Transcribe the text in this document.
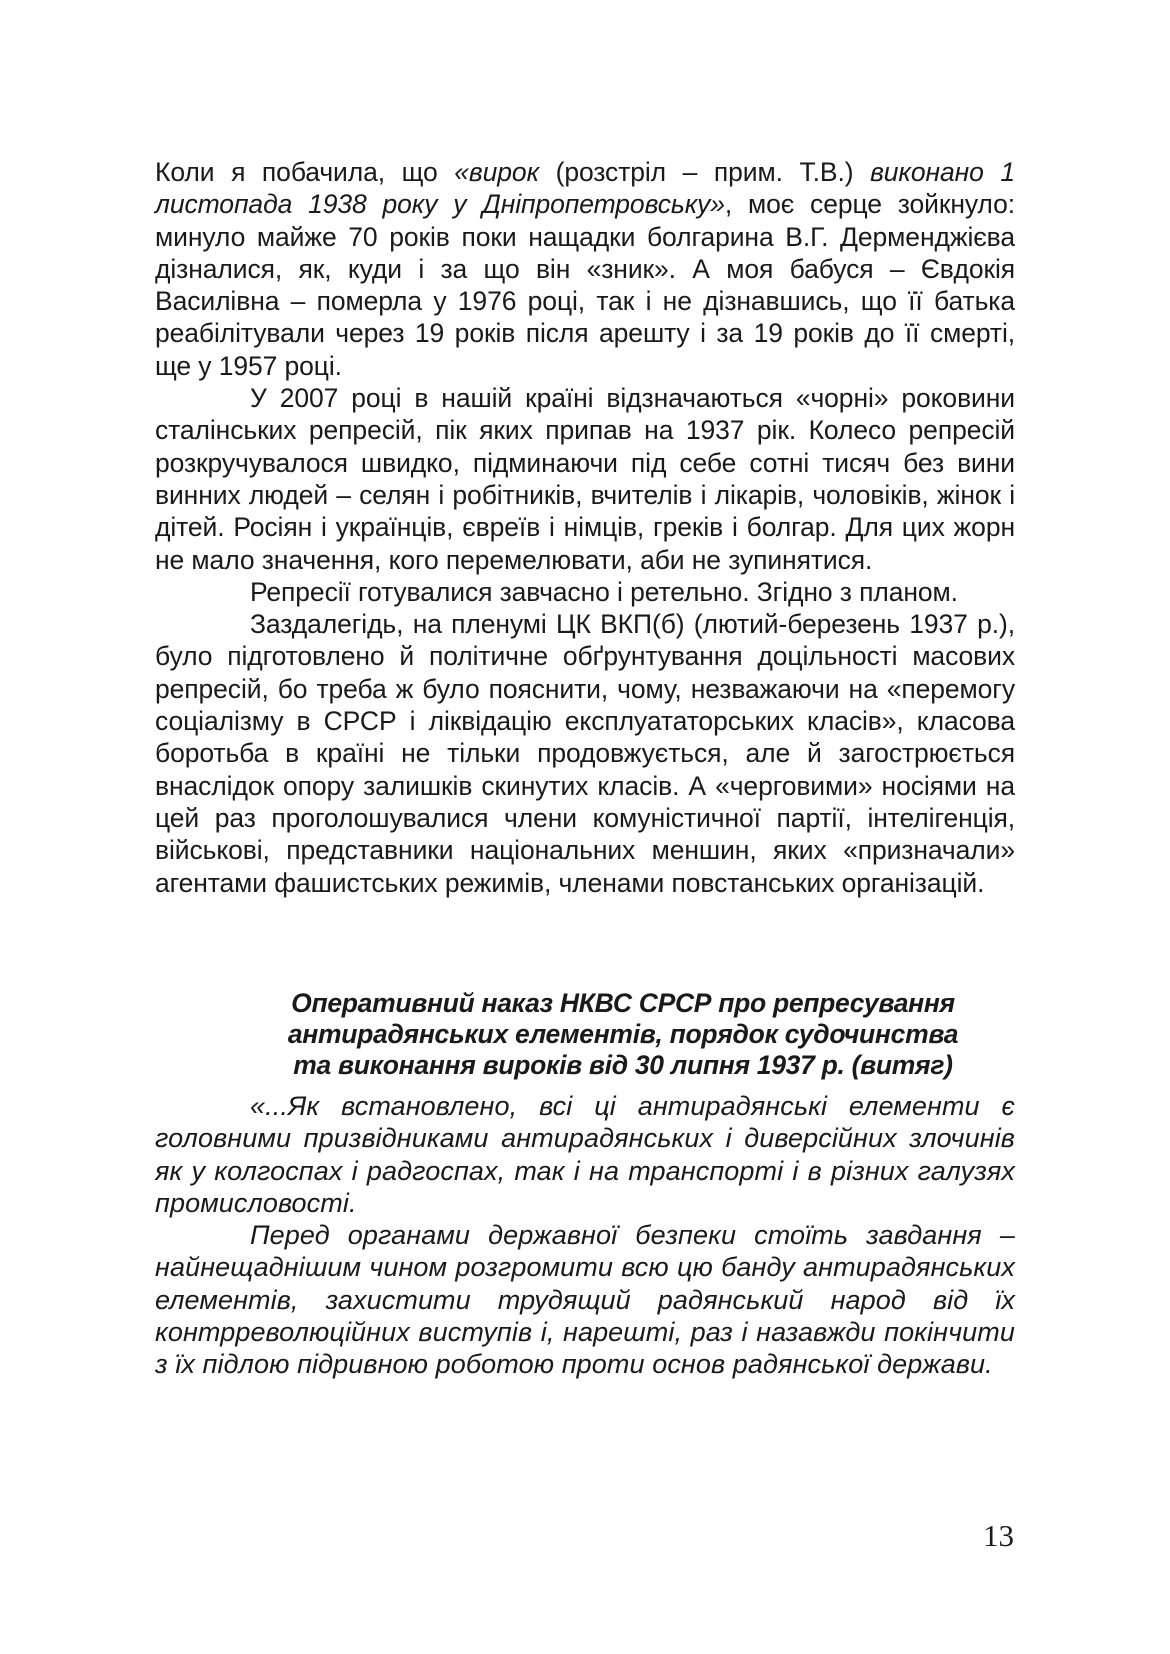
Коли я побачила, що «вирок (розстріл – прим. Т.В.) виконано 1 листопада 1938 року у Дніпропетровську», моє серце зойкнуло: минуло майже 70 років поки нащадки болгарина В.Г. Дерменджієва дізналися, як, куди і за що він «зник». А моя бабуся – Євдокія Василівна – померла у 1976 році, так і не дізнавшись, що її батька реабілітували через 19 років після арешту і за 19 років до її смерті, ще у 1957 році.

У 2007 році в нашій країні відзначаються «чорні» роковини сталінських репресій, пік яких припав на 1937 рік. Колесо репресій розкручувалося швидко, підминаючи під себе сотні тисяч без вини винних людей – селян і робітників, вчителів і лікарів, чоловіків, жінок і дітей. Росіян і українців, євреїв і німців, греків і болгар. Для цих жорн не мало значення, кого перемелювати, аби не зупинятися.

Репресії готувалися завчасно і ретельно. Згідно з планом.

Заздалегідь, на пленумі ЦК ВКП(б) (лютий-березень 1937 р.), було підготовлено й політичне обґрунтування доцільності масових репресій, бо треба ж було пояснити, чому, незважаючи на «перемогу соціалізму в СРСР і ліквідацію експлуататорських класів», класова боротьба в країні не тільки продовжується, але й загострюється внаслідок опору залишків скинутих класів. А «черговими» носіями на цей раз проголошувалися члени комуністичної партії, інтелігенція, військові, представники національних меншин, яких «призначали» агентами фашистських режимів, членами повстанських організацій.

Оперативний наказ НКВС СРСР про репресування

антирадянських елементів, порядок судочинства

та виконання вироків від 30 липня 1937 р. (витяг)

«...Як встановлено, всі ці антирадянські елементи є головними призвідниками антирадянських і диверсійних злочинів як у колгоспах і радгоспах, так і на транспорті і в різних галузях промисловості.

Перед органами державної безпеки стоїть завдання – найнещаднішим чином розгромити всю цю банду антирадянських елементів, захистити трудящий радянський народ від їх контрреволюційних виступів і, нарешті, раз і назавжди покінчити з їх підлою підривною роботою проти основ радянської держави.

13
